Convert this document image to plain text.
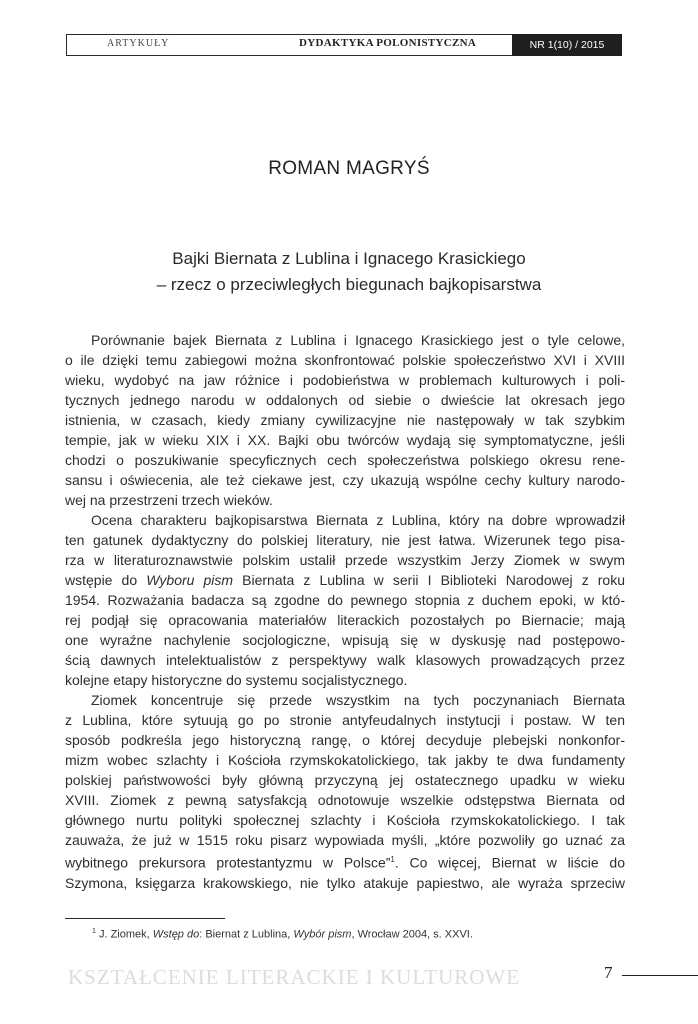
ARTYKUŁY	DYDAKTYKA POLONISTYCZNA	NR 1(10) / 2015
ROMAN MAGRYŚ
Bajki Biernata z Lublina i Ignacego Krasickiego
– rzecz o przeciwległych biegunach bajkopisarstwa
Porównanie bajek Biernata z Lublina i Ignacego Krasickiego jest o tyle celowe,
o ile dzięki temu zabiegowi można skonfrontować polskie społeczeństwo XVI i XVIII
wieku, wydobyć na jaw różnice i podobieństwa w problemach kulturowych i poli-
tycznych jednego narodu w oddalonych od siebie o dwieście lat okresach jego
istnienia, w czasach, kiedy zmiany cywilizacyjne nie następowały w tak szybkim
tempie, jak w wieku XIX i XX. Bajki obu twórców wydają się symptomatyczne, jeśli
chodzi o poszukiwanie specyficznych cech społeczeństwa polskiego okresu rene-
sansu i oświecenia, ale też ciekawe jest, czy ukazują wspólne cechy kultury narodo-
wej na przestrzeni trzech wieków.
Ocena charakteru bajkopisarstwa Biernata z Lublina, który na dobre wprowadził
ten gatunek dydaktyczny do polskiej literatury, nie jest łatwa. Wizerunek tego pisa-
rza w literaturoznawstwie polskim ustalił przede wszystkim Jerzy Ziomek w swym
wstępie do Wyboru pism Biernata z Lublina w serii I Biblioteki Narodowej z roku
1954. Rozważania badacza są zgodne do pewnego stopnia z duchem epoki, w któ-
rej podjął się opracowania materiałów literackich pozostałych po Biernacie; mają
one wyraźne nachylenie socjologiczne, wpisują się w dyskusję nad postępowo-
ścią dawnych intelektualistów z perspektywy walk klasowych prowadzących przez
kolejne etapy historyczne do systemu socjalistycznego.
Ziomek koncentruje się przede wszystkim na tych poczynaniach Biernata
z Lublina, które sytuują go po stronie antyfeudalnych instytucji i postaw. W ten
sposób podkreśla jego historyczną rangę, o której decyduje plebejski nonkonfor-
mizm wobec szlachty i Kościoła rzymskokatolickiego, tak jakby te dwa fundamenty
polskiej państwowości były główną przyczyną jej ostatecznego upadku w wieku
XVIII. Ziomek z pewną satysfakcją odnotowuje wszelkie odstępstwa Biernata od
głównego nurtu polityki społecznej szlachty i Kościoła rzymskokatolickiego. I tak
zauważa, że już w 1515 roku pisarz wypowiada myśli, „które pozwoliły go uznać za
wybitnego prekursora protestantyzmu w Polsce”$^1$. Co więcej, Biernat w liście do
Szymona, księgarza krakowskiego, nie tylko atakuje papiestwo, ale wyraża sprzeciw
$^1$ J. Ziomek, Wstęp do: Biernat z Lublina, Wybór pism, Wrocław 2004, s. XXVI.
KSZTAŁCENIE LITERACKIE I KULTUROWE	7
